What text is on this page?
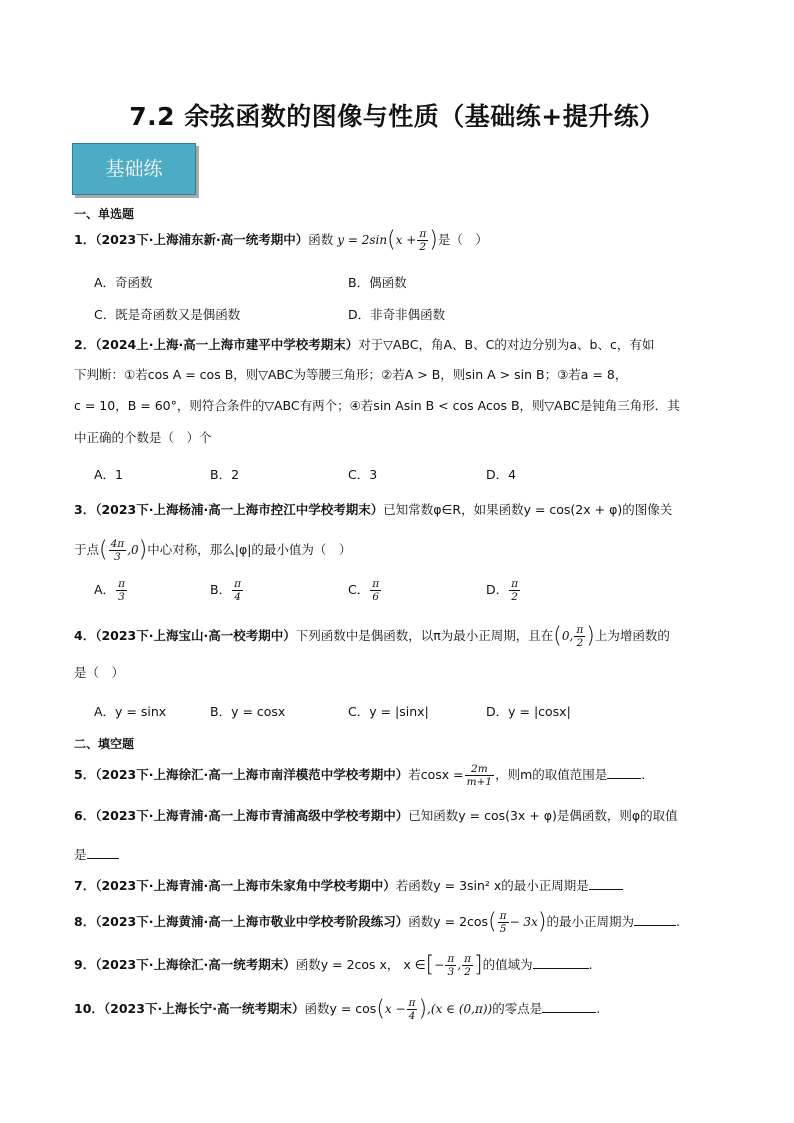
7.2 余弦函数的图像与性质（基础练+提升练）
基础练
一、单选题
1．（2023下·上海浦东新·高一统考期中）函数 $y = 2\sin(x + \frac{\pi}{2}$ )是（　）
A．奇函数	B．偶函数
C．既是奇函数又是偶函数	D．非奇非偶函数
2．（2024上·上海·高一上海市建平中学校考期末）对于▽ABC，角A、B、C的对边分别为a、b、c，有如
下判断：①若cos A = cos B，则▽ABC为等腰三角形；②若A > B，则sin A > sin B；③若a = 8，
c = 10，B = 60°，则符合条件的▽ABC有两个；④若sin Asin B < cos Acos B，则▽ABC是钝角三角形．其
中正确的个数是（　）个
A．1	B．2	C．3	D．4
3．（2023下·上海杨浦·高一上海市控江中学校考期末）已知常数φ∈R，如果函数y = cos(2x + φ)的图像关
于点( $\frac{4\pi}{3} ,0$)中心对称，那么|φ|的最小值为（　）
A． $\frac{\pi}{3}$	B． $\frac{\pi}{4}$	C． $\frac{\pi}{6}$	D． $\frac{\pi}{2}$
4．（2023下·上海宝山·高一校考期中）下列函数中是偶函数，以π为最小正周期，且在(0, $\frac{\pi}{2}$ )上为增函数的
是（　）
A．y = sinx	B．y = cosx	C．y = |sinx|	D．y = |cosx|
二、填空题
5．（2023下·上海徐汇·高一上海市南洋模范中学校考期中）若$\cos x = \frac{2m}{m+1}$ ，则m的取值范围是	.
6．（2023下·上海青浦·高一上海市青浦高级中学校考期中）已知函数y = cos(3x + φ)是偶函数，则φ的取值
是
7．（2023下·上海青浦·高一上海市朱家角中学校考期中）若函数y = 3sin² x的最小正周期是
8．（2023下·上海黄浦·高一上海市敬业中学校考阶段练习）函数$y = 2\cos( \frac{\pi}{5} - 3x)$的最小正周期为	.
9．（2023下·上海徐汇·高一统考期末）函数y = 2cos x， x ∈[− $\frac{\pi}{3}$ , $\frac{\pi}{2}$ ]的值域为	.
10．（2023下·上海长宁·高一统考期末）函数$y = \cos(x - \frac{\pi}{4} ),(x$ ∈ (0,π))的零点是	.
